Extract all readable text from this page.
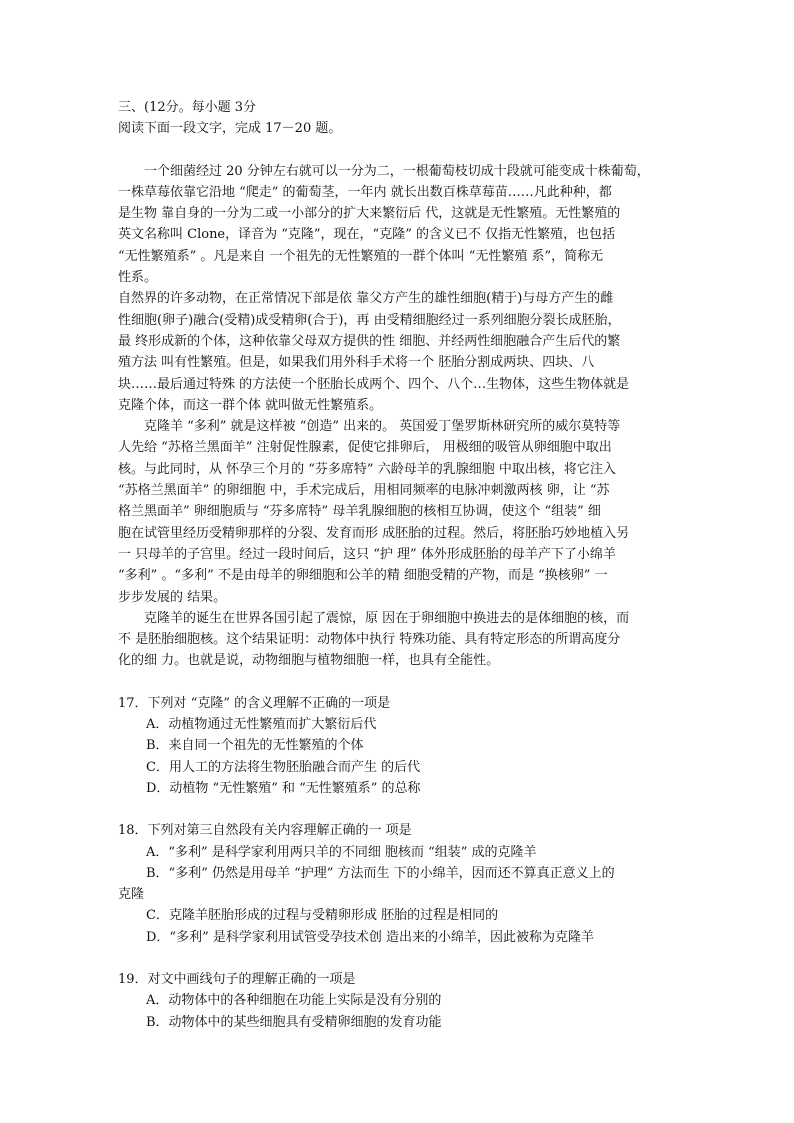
三、(12分。每小题 3分
阅读下面一段文字，完成 17－20 题。
一个细菌经过 20 分钟左右就可以一分为二，一根葡萄枝切成十段就可能变成十株葡萄，
一株草莓依靠它沿地 “爬走” 的葡萄茎，一年内 就长出数百株草莓苗……凡此种种，都
是生物 靠自身的一分为二或一小部分的扩大来繁衍后 代，这就是无性繁殖。无性繁殖的
英文名称叫 Clone，译音为 “克隆”，现在，“克隆” 的含义已不 仅指无性繁殖，也包括
“无性繁殖系” 。凡是来自 一个祖先的无性繁殖的一群个体叫 “无性繁殖 系”，简称无
性系。
自然界的许多动物，在正常情况下部是依 靠父方产生的雄性细胞(精于)与母方产生的雌
性细胞(卵子)融合(受精)成受精卵(合于)，再 由受精细胞经过一系列细胞分裂长成胚胎，
最 终形成新的个体，这种依靠父母双方提供的性 细胞、并经两性细胞融合产生后代的繁
殖方法 叫有性繁殖。但是，如果我们用外科手术将一个 胚胎分割成两块、四块、八
块……最后通过特殊 的方法使一个胚胎长成两个、四个、八个…生物体，这些生物体就是
克隆个体，而这一群个体 就叫做无性繁殖系。
克隆羊 “多利” 就是这样被 “创造” 出来的。 英国爱丁堡罗斯林研究所的威尔莫特等
人先给 “苏格兰黑面羊” 注射促性腺素，促使它排卵后， 用极细的吸管从卵细胞中取出
核。与此同时，从 怀孕三个月的 “芬多席特” 六龄母羊的乳腺细胞 中取出核，将它注入
“苏格兰黑面羊” 的卵细胞 中，手术完成后，用相同频率的电脉冲刺激两核 卵，让 “苏
格兰黑面羊” 卵细胞质与 “芬多席特” 母羊乳腺细胞的核相互协调，使这个 “组装” 细
胞在试管里经历受精卵那样的分裂、发育而形 成胚胎的过程。然后，将胚胎巧妙地植入另
一 只母羊的子宫里。经过一段时间后，这只 “护 理” 体外形成胚胎的母羊产下了小绵羊
“多利” 。“多利” 不是由母羊的卵细胞和公羊的精 细胞受精的产物，而是 “换核卵” 一
步步发展的 结果。
克隆羊的诞生在世界各国引起了震惊，原 因在于卵细胞中换进去的是体细胞的核，而
不 是胚胎细胞核。这个结果证明：动物体中执行 特殊功能、具有特定形态的所谓高度分
化的细 力。也就是说，动物细胞与植物细胞一样，也具有全能性。
17．下列对 “克隆” 的含义理解不正确的一项是
A．动植物通过无性繁殖而扩大繁衍后代
B．来自同一个祖先的无性繁殖的个体
C．用人工的方法将生物胚胎融合而产生 的后代
D．动植物 “无性繁殖” 和 “无性繁殖系” 的总称
18．下列对第三自然段有关内容理解正确的一 项是
A．“多利” 是科学家利用两只羊的不同细 胞核而 “组装” 成的克隆羊
B．“多利” 仍然是用母羊 “护理” 方法而生 下的小绵羊，因而还不算真正意义上的
克隆
C．克隆羊胚胎形成的过程与受精卵形成 胚胎的过程是相同的
D．“多利” 是科学家利用试管受孕技术创 造出来的小绵羊，因此被称为克隆羊
19．对文中画线句子的理解正确的一项是
A．动物体中的各种细胞在功能上实际是没有分别的
B．动物体中的某些细胞具有受精卵细胞的发育功能
